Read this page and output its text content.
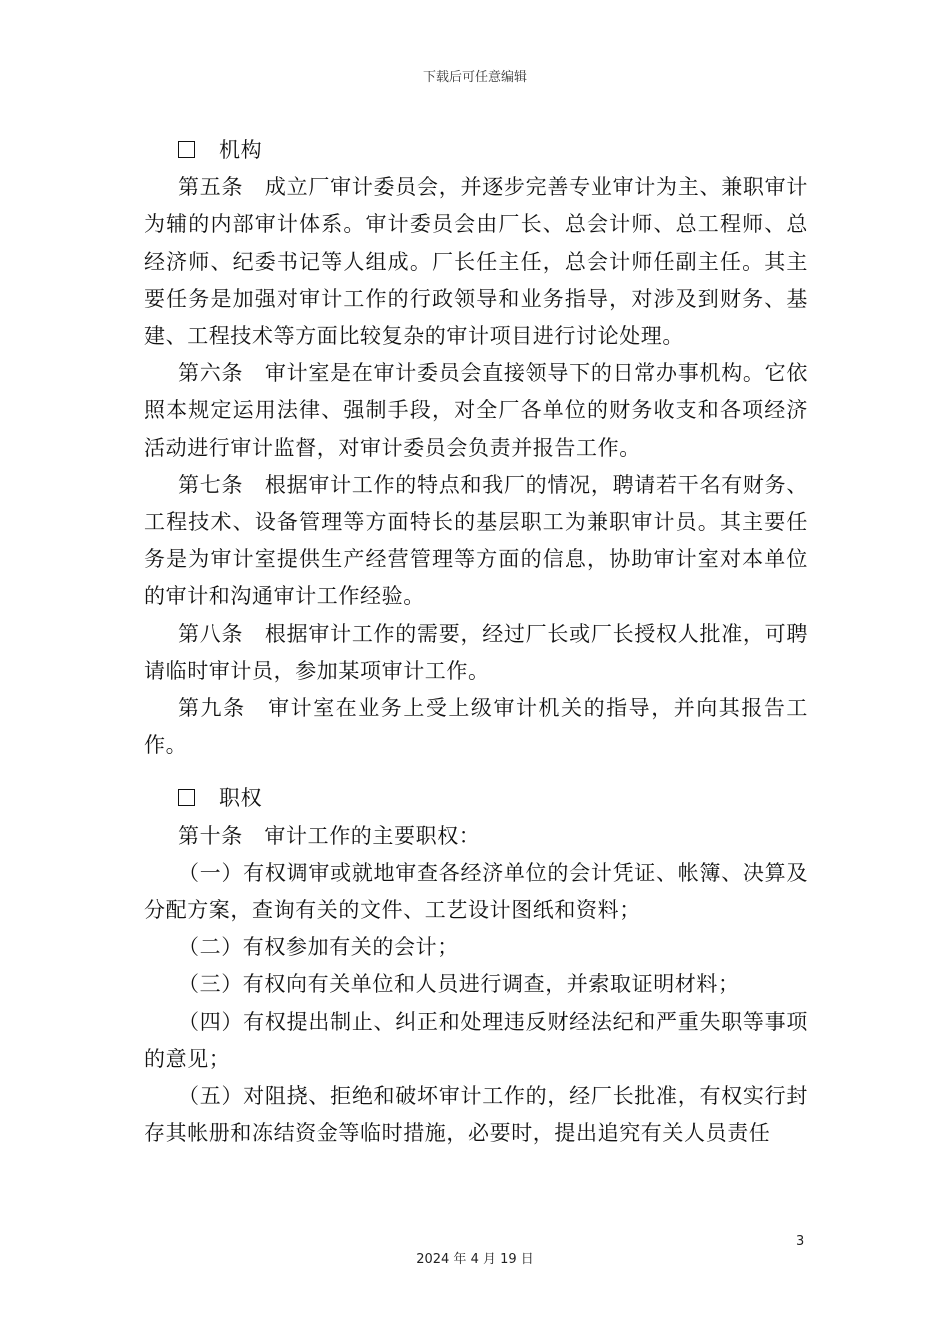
下载后可任意编辑
机构

第五条　成立厂审计委员会，并逐步完善专业审计为主、兼职审计为辅的内部审计体系。审计委员会由厂长、总会计师、总工程师、总经济师、纪委书记等人组成。厂长任主任，总会计师任副主任。其主要任务是加强对审计工作的行政领导和业务指导，对涉及到财务、基建、工程技术等方面比较复杂的审计项目进行讨论处理。

第六条　审计室是在审计委员会直接领导下的日常办事机构。它依照本规定运用法律、强制手段，对全厂各单位的财务收支和各项经济活动进行审计监督，对审计委员会负责并报告工作。

第七条　根据审计工作的特点和我厂的情况，聘请若干名有财务、工程技术、设备管理等方面特长的基层职工为兼职审计员。其主要任务是为审计室提供生产经营管理等方面的信息，协助审计室对本单位的审计和沟通审计工作经验。

第八条　根据审计工作的需要，经过厂长或厂长授权人批准，可聘请临时审计员，参加某项审计工作。

第九条　审计室在业务上受上级审计机关的指导，并向其报告工作。

职权

第十条　审计工作的主要职权：

（一）有权调审或就地审查各经济单位的会计凭证、帐簿、决算及分配方案，查询有关的文件、工艺设计图纸和资料；

（二）有权参加有关的会计；

（三）有权向有关单位和人员进行调查，并索取证明材料；

（四）有权提出制止、纠正和处理违反财经法纪和严重失职等事项的意见；

（五）对阻挠、拒绝和破坏审计工作的，经厂长批准，有权实行封存其帐册和冻结资金等临时措施，必要时，提出追究有关人员责任

3
2024 年 4 月 19 日
